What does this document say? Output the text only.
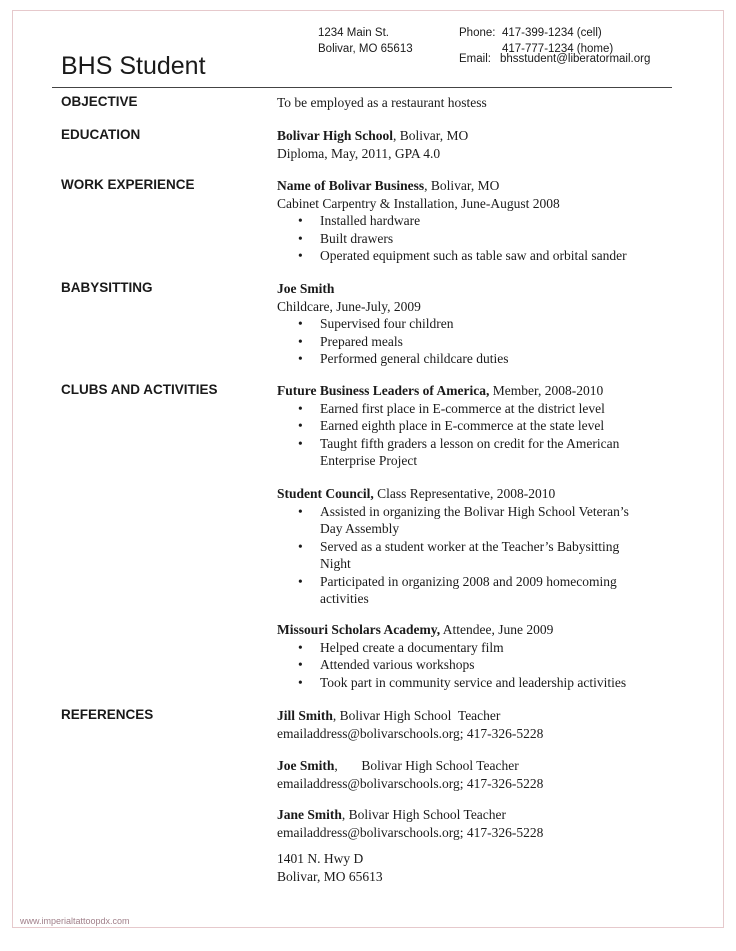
1234 Main St.
Bolivar, MO 65613
Phone: 417-399-1234 (cell)
417-777-1234 (home)
Email: bhsstudent@liberatormail.org
BHS Student
OBJECTIVE	To be employed as a restaurant hostess

EDUCATION	Bolivar High School, Bolivar, MO

Diploma, May, 2011, GPA 4.0

WORK EXPERIENCE	Name of Bolivar Business, Bolivar, MO

Cabinet Carpentry & Installation, June-August 2008

• Installed hardware
• Built drawers
• Operated equipment such as table saw and orbital sander
BABYSITTING	Joe Smith

Childcare, June-July, 2009

• Supervised four children
• Prepared meals
• Performed general childcare duties
CLUBS AND ACTIVITIES	Future Business Leaders of America, Member, 2008-2010

• Earned first place in E-commerce at the district level
• Earned eighth place in E-commerce at the state level
• Taught fifth graders a lesson on credit for the American

Enterprise Project

Student Council, Class Representative, 2008-2010

• Assisted in organizing the Bolivar High School Veteran’s

Day Assembly

• Served as a student worker at the Teacher’s Babysitting

Night

• Participated in organizing 2008 and 2009 homecoming

activities

Missouri Scholars Academy, Attendee, June 2009

• Helped create a documentary film
• Attended various workshops
• Took part in community service and leadership activities
REFERENCES	Jill Smith, Bolivar High School  Teacher

emailaddress@bolivarschools.org; 417-326-5228

Joe Smith,       Bolivar High School Teacher

emailaddress@bolivarschools.org; 417-326-5228

Jane Smith, Bolivar High School Teacher

emailaddress@bolivarschools.org; 417-326-5228

1401 N. Hwy D

Bolivar, MO 65613

www.imperialtattoopdx.com
